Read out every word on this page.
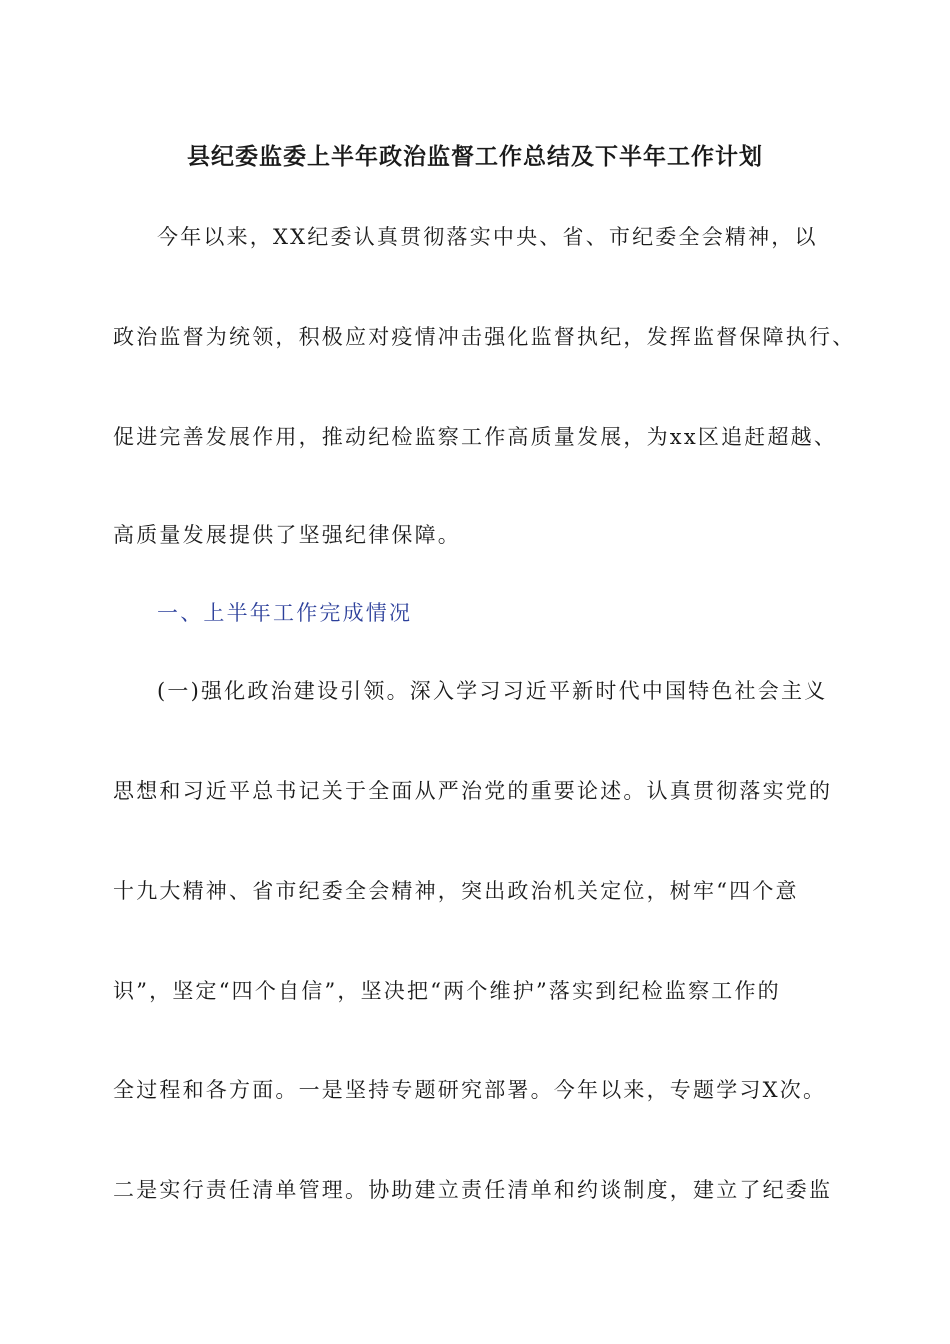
县纪委监委上半年政治监督工作总结及下半年工作计划
今年以来，XX纪委认真贯彻落实中央、省、市纪委全会精神，以
政治监督为统领，积极应对疫情冲击强化监督执纪，发挥监督保障执行、
促进完善发展作用，推动纪检监察工作高质量发展，为xx区追赶超越、
高质量发展提供了坚强纪律保障。
一、上半年工作完成情况
(一)强化政治建设引领。深入学习习近平新时代中国特色社会主义
思想和习近平总书记关于全面从严治党的重要论述。认真贯彻落实党的
十九大精神、省市纪委全会精神，突出政治机关定位，树牢“四个意
识”，坚定“四个自信”，坚决把“两个维护”落实到纪检监察工作的
全过程和各方面。一是坚持专题研究部署。今年以来，专题学习X次。
二是实行责任清单管理。协助建立责任清单和约谈制度，建立了纪委监
